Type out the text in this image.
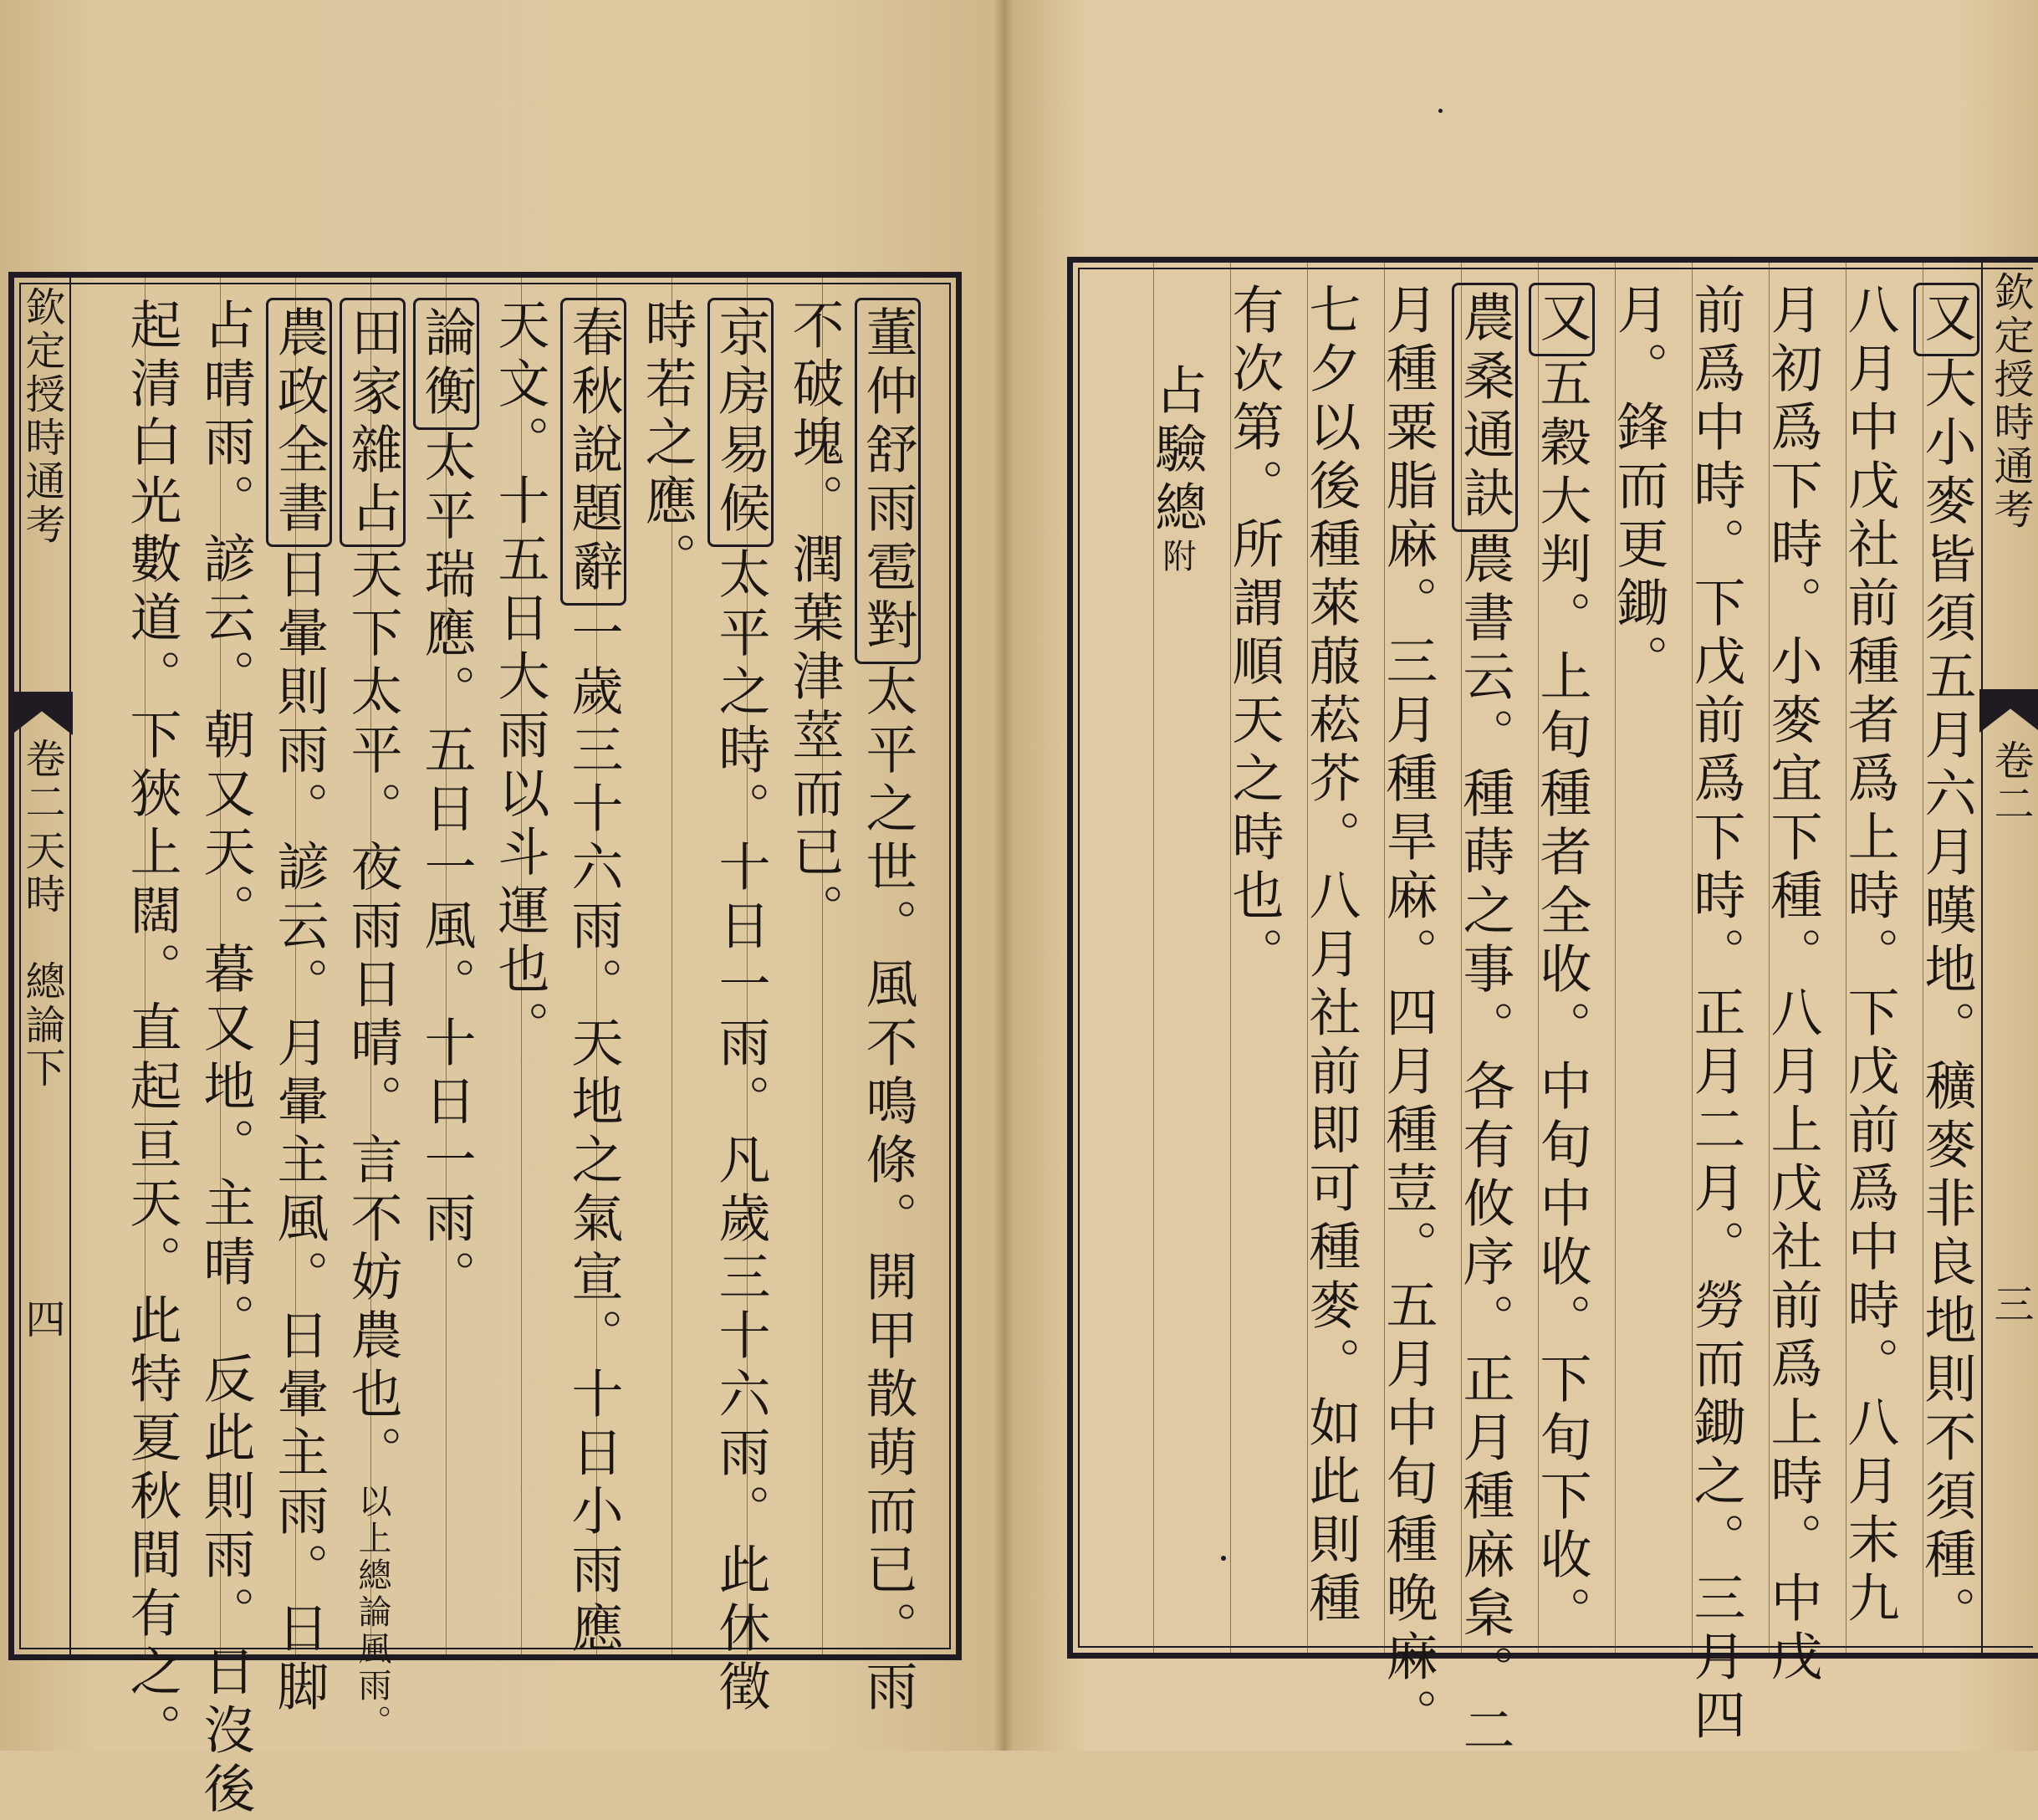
欽定授時通考
卷二
天時　總論下
四
董仲舒雨雹對太平之世。風不鳴條。開甲散萌而已。雨
不破塊。潤葉津莖而已。
京房易候太平之時。十日一雨。凡歲三十六雨。此休徵
時若之應。
春秋說題辭一歲三十六雨。天地之氣宣。十日小雨應
天文。十五日大雨以斗運也。
論衡太平瑞應。五日一風。十日一雨。
田家雜占天下太平。夜雨日晴。言不妨農也。以上總論風雨。
農政全書日暈則雨。諺云。月暈主風。日暈主雨。日脚
占晴雨。諺云。朝又天。暮又地。主晴。反此則雨。日沒後
起清白光數道。下狹上闊。直起亘天。此特夏秋間有之。	欽定授時通考
卷二
三
又大小麥皆須五月六月暵地。穬麥非良地則不須種。
八月中戊社前種者爲上時。下戊前爲中時。八月末九
月初爲下時。小麥宜下種。八月上戊社前爲上時。中戊
前爲中時。下戊前爲下時。正月二月。勞而鋤之。三月四
月。鋒而更鋤。
又五穀大判。上旬種者全收。中旬中收。下旬下收。
農桑通訣農書云。種蒔之事。各有攸序。正月種麻枲。二
月種粟脂麻。三月種旱麻。四月種荳。五月中旬種晚麻。
七夕以後種萊菔菘芥。八月社前即可種麥。如此則種
有次第。所謂順天之時也。
占驗總附
